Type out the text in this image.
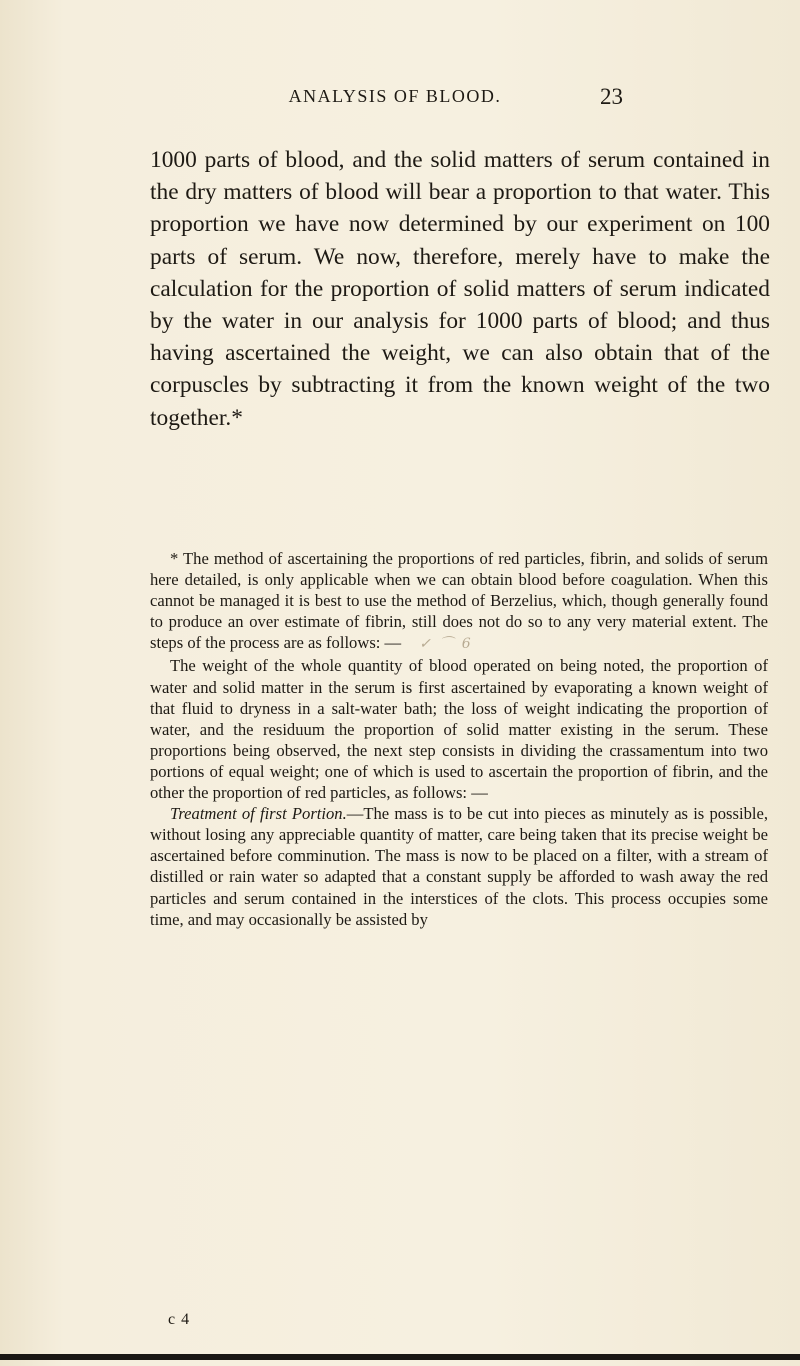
ANALYSIS OF BLOOD.	23

1000 parts of blood, and the solid matters of serum contained in the dry matters of blood will bear a proportion to that water. This proportion we have now determined by our experiment on 100 parts of serum. We now, therefore, merely have to make the calculation for the proportion of solid matters of serum indicated by the water in our analysis for 1000 parts of blood; and thus having ascertained the weight, we can also obtain that of the corpuscles by subtracting it from the known weight of the two together.*

* The method of ascertaining the proportions of red particles, fibrin, and solids of serum here detailed, is only applicable when we can obtain blood before coagulation. When this cannot be managed it is best to use the method of Berzelius, which, though generally found to produce an over estimate of fibrin, still does not do so to any very material extent. The steps of the process are as follows: — ✓ ⌒ 6

The weight of the whole quantity of blood operated on being noted, the proportion of water and solid matter in the serum is first ascertained by evaporating a known weight of that fluid to dryness in a salt-water bath; the loss of weight indicating the proportion of water, and the residuum the proportion of solid matter existing in the serum. These proportions being observed, the next step consists in dividing the crassamentum into two portions of equal weight; one of which is used to ascertain the proportion of fibrin, and the other the proportion of red particles, as follows: —

Treatment of first Portion.—The mass is to be cut into pieces as minutely as is possible, without losing any appreciable quantity of matter, care being taken that its precise weight be ascertained before comminution. The mass is now to be placed on a filter, with a stream of distilled or rain water so adapted that a constant supply be afforded to wash away the red particles and serum contained in the interstices of the clots. This process occupies some time, and may occasionally be assisted by

c 4
